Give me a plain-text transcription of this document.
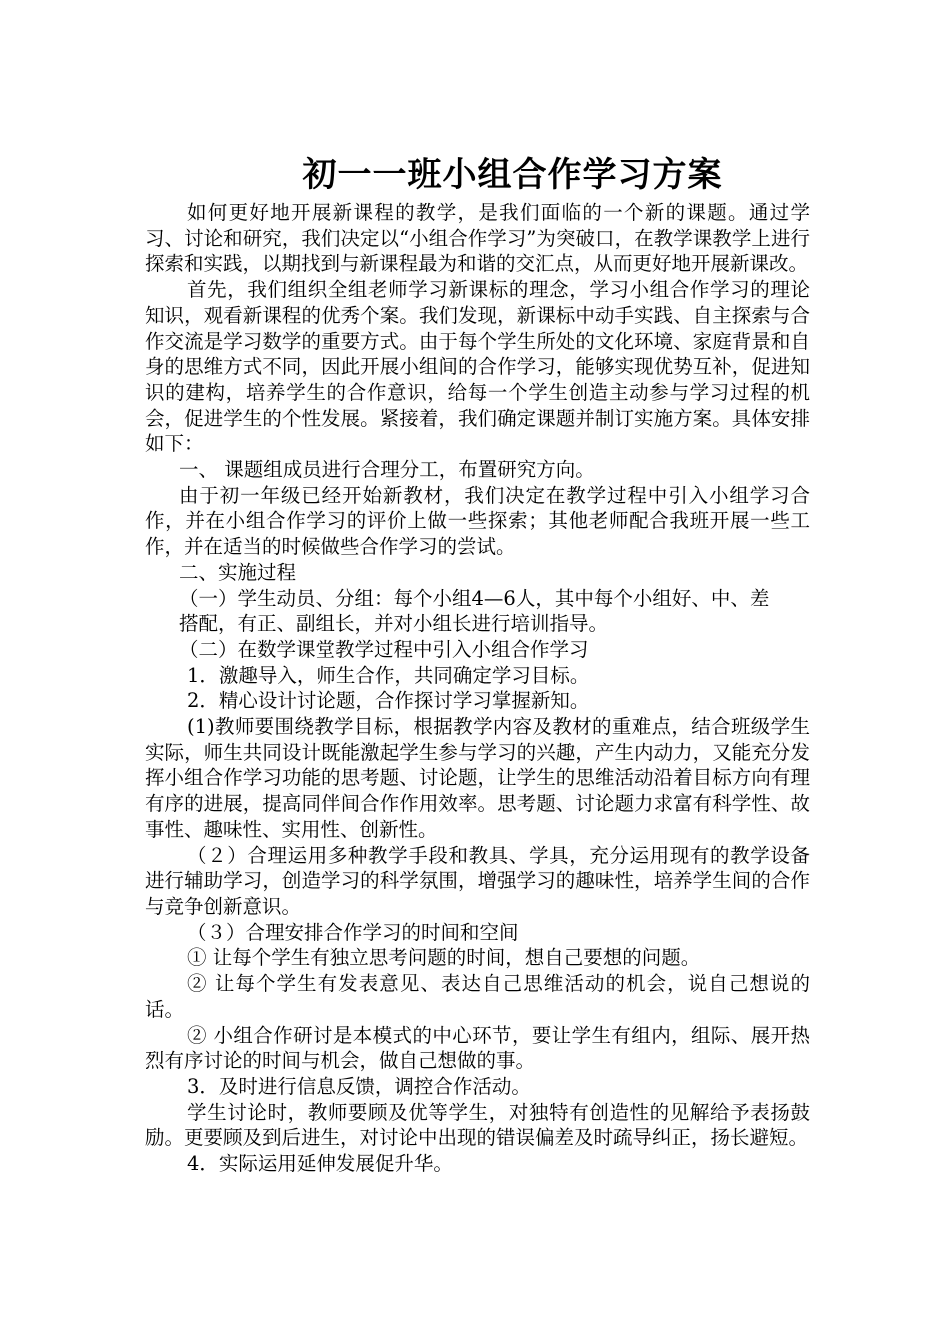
初一一班小组合作学习方案

如何更好地开展新课程的教学，是我们面临的一个新的课题。通过学习、讨论和研究，我们决定以“小组合作学习”为突破口，在教学课教学上进行探索和实践，以期找到与新课程最为和谐的交汇点，从而更好地开展新课改。

首先，我们组织全组老师学习新课标的理念，学习小组合作学习的理论知识，观看新课程的优秀个案。我们发现，新课标中动手实践、自主探索与合作交流是学习数学的重要方式。由于每个学生所处的文化环境、家庭背景和自身的思维方式不同，因此开展小组间的合作学习，能够实现优势互补，促进知识的建构，培养学生的合作意识，给每一个学生创造主动参与学习过程的机会，促进学生的个性发展。紧接着，我们确定课题并制订实施方案。具体安排如下：

一、 课题组成员进行合理分工，布置研究方向。

由于初一年级已经开始新教材，我们决定在教学过程中引入小组学习合作，并在小组合作学习的评价上做一些探索；其他老师配合我班开展一些工作，并在适当的时候做些合作学习的尝试。

二、实施过程

（一）学生动员、分组：每个小组4—6人，其中每个小组好、中、差

搭配，有正、副组长，并对小组长进行培训指导。

（二）在数学课堂教学过程中引入小组合作学习

1．激趣导入，师生合作，共同确定学习目标。

2．精心设计讨论题，合作探讨学习掌握新知。

(1)教师要围绕教学目标，根据教学内容及教材的重难点，结合班级学生实际，师生共同设计既能激起学生参与学习的兴趣，产生内动力，又能充分发挥小组合作学习功能的思考题、讨论题，让学生的思维活动沿着目标方向有理有序的进展，提高同伴间合作作用效率。思考题、讨论题力求富有科学性、故事性、趣味性、实用性、创新性。

（２）合理运用多种教学手段和教具、学具，充分运用现有的教学设备进行辅助学习，创造学习的科学氛围，增强学习的趣味性，培养学生间的合作与竞争创新意识。

（３）合理安排合作学习的时间和空间

① 让每个学生有独立思考问题的时间，想自己要想的问题。

② 让每个学生有发表意见、表达自己思维活动的机会，说自己想说的话。

② 小组合作研讨是本模式的中心环节，要让学生有组内，组际、展开热烈有序讨论的时间与机会，做自己想做的事。

3．及时进行信息反馈，调控合作活动。

学生讨论时，教师要顾及优等学生，对独特有创造性的见解给予表扬鼓励。更要顾及到后进生，对讨论中出现的错误偏差及时疏导纠正，扬长避短。

4．实际运用延伸发展促升华。
